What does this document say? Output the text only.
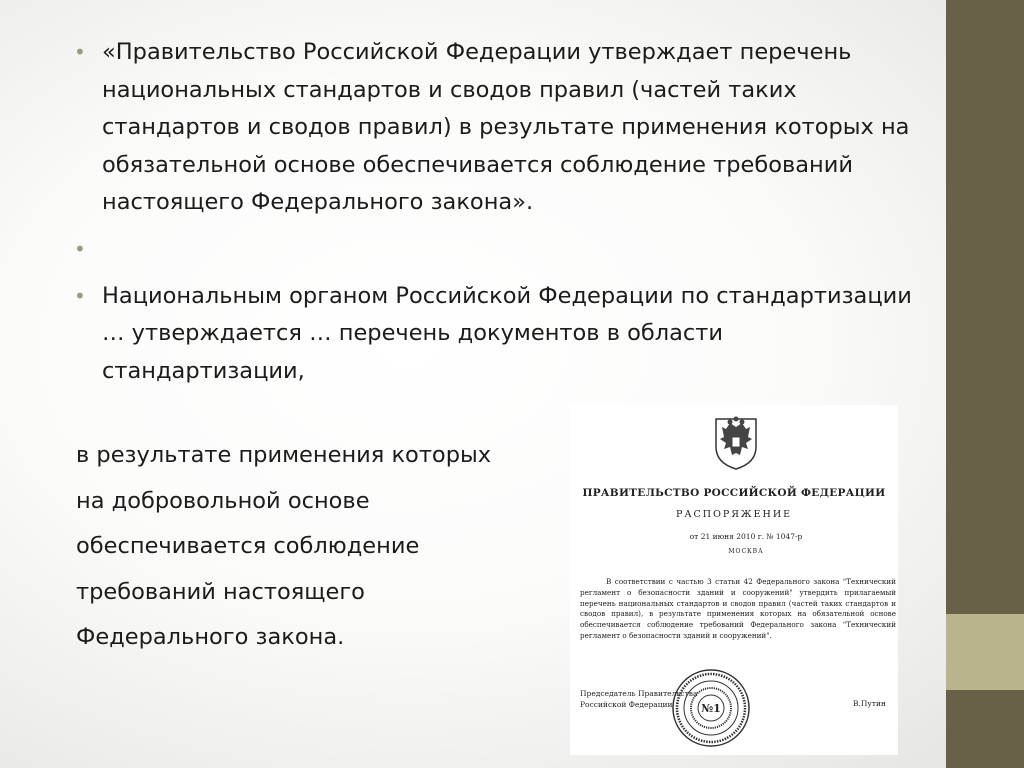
• «Правительство Российской Федерации утверждает перечень национальных стандартов и сводов правил (частей таких стандартов и сводов правил) в результате применения которых на обязательной основе обеспечивается соблюдение требований настоящего Федерального закона».
•
• Национальным органом Российской Федерации по стандартизации … утверждается … перечень документов в области стандартизации,
в результате применения которых
на добровольной основе
обеспечивается соблюдение
требований настоящего
Федерального закона.
ПРАВИТЕЛЬСТВО РОССИЙСКОЙ ФЕДЕРАЦИИ
РАСПОРЯЖЕНИЕ
от 21 июня 2010 г. № 1047-р
МОСКВА
В соответствии с частью 3 статьи 42 Федерального закона "Технический регламент о безопасности зданий и сооружений" утвердить прилагаемый перечень национальных стандартов и сводов правил (частей таких стандартов и сводов правил), в результате применения которых на обязательной основе обеспечивается соблюдение требований Федерального закона "Технический регламент о безопасности зданий и сооружений".
Председатель Правительства
Российской Федерации	В.Путин
№1
